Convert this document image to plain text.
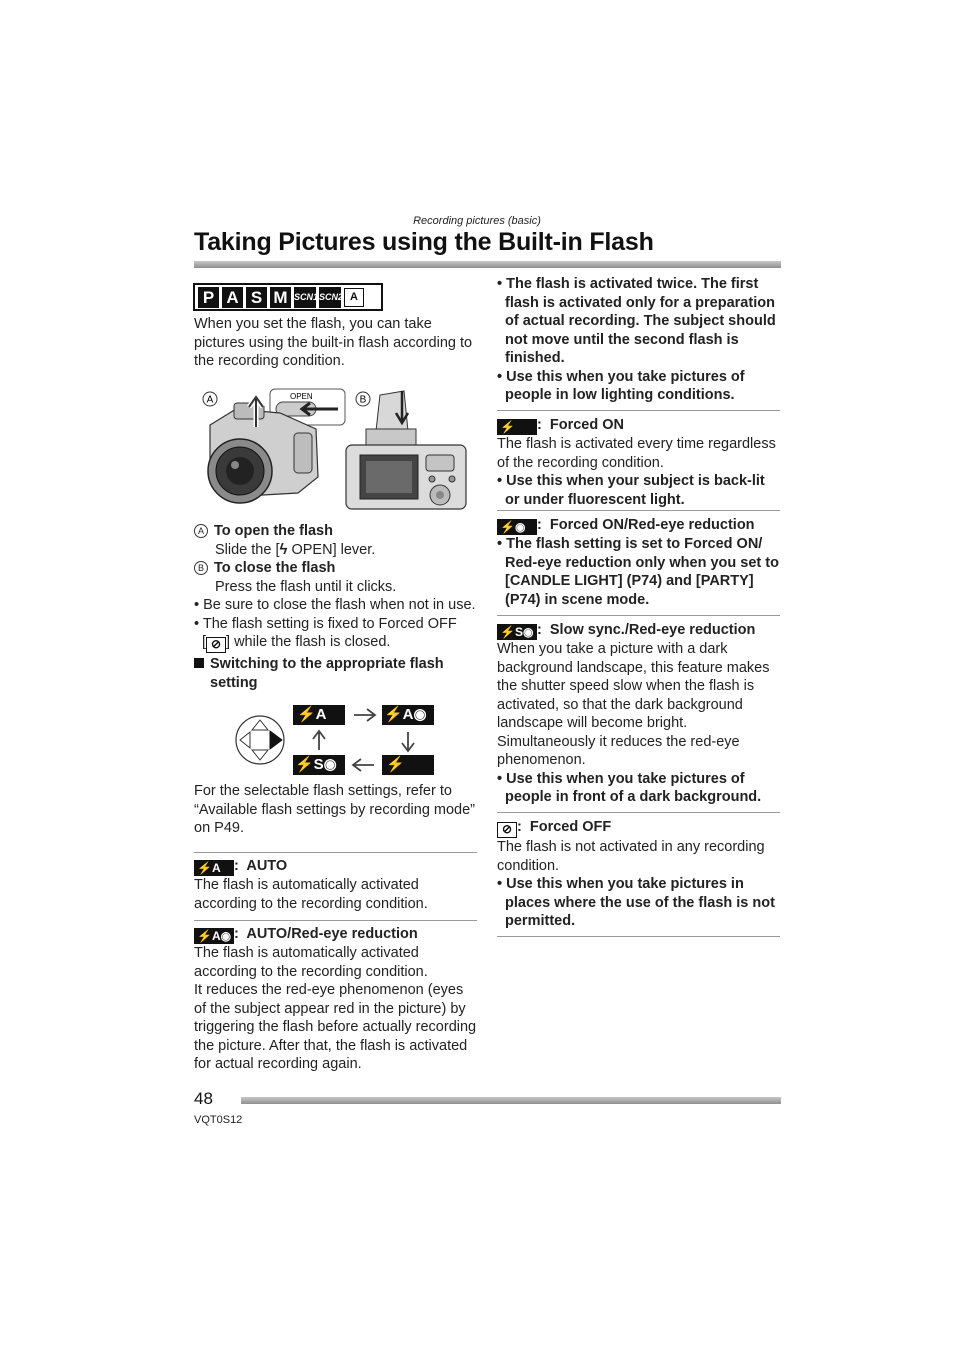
Recording pictures (basic)
Taking Pictures using the Built-in Flash
P A S M SCN1 SCN2 A
When you set the flash, you can take pictures using the built-in flash according to the recording condition.
A	OPEN	B
A To open the flash
Slide the [ϟ OPEN] lever.
B To close the flash
Press the flash until it clicks.
• Be sure to close the flash when not in use.
• The flash setting is fixed to Forced OFF
[ ⊘ ] while the flash is closed.
Switching to the appropriate flash
setting
⚡A	⚡A◉
⚡S◉	⚡
For the selectable flash settings, refer to “Available flash settings by recording mode” on P49.
⚡A :  AUTO
The flash is automatically activated according to the recording condition.
⚡A◉ :  AUTO/Red-eye reduction
The flash is automatically activated according to the recording condition.
It reduces the red-eye phenomenon (eyes of the subject appear red in the picture) by triggering the flash before actually recording the picture. After that, the flash is activated for actual recording again.
• The flash is activated twice. The first flash is activated only for a preparation of actual recording. The subject should not move until the second flash is finished.
• Use this when you take pictures of people in low lighting conditions.
⚡ :  Forced ON
The flash is activated every time regardless of the recording condition.
• Use this when your subject is back-lit or under fluorescent light.
⚡◉ :  Forced ON/Red-eye reduction
• The flash setting is set to Forced ON/ Red-eye reduction only when you set to [CANDLE LIGHT] (P74) and [PARTY] (P74) in scene mode.
⚡S◉ :  Slow sync./Red-eye reduction
When you take a picture with a dark background landscape, this feature makes the shutter speed slow when the flash is activated, so that the dark background landscape will become bright.
Simultaneously it reduces the red-eye phenomenon.
• Use this when you take pictures of people in front of a dark background.
⊘ :  Forced OFF
The flash is not activated in any recording condition.
• Use this when you take pictures in places where the use of the flash is not permitted.
48
VQT0S12
